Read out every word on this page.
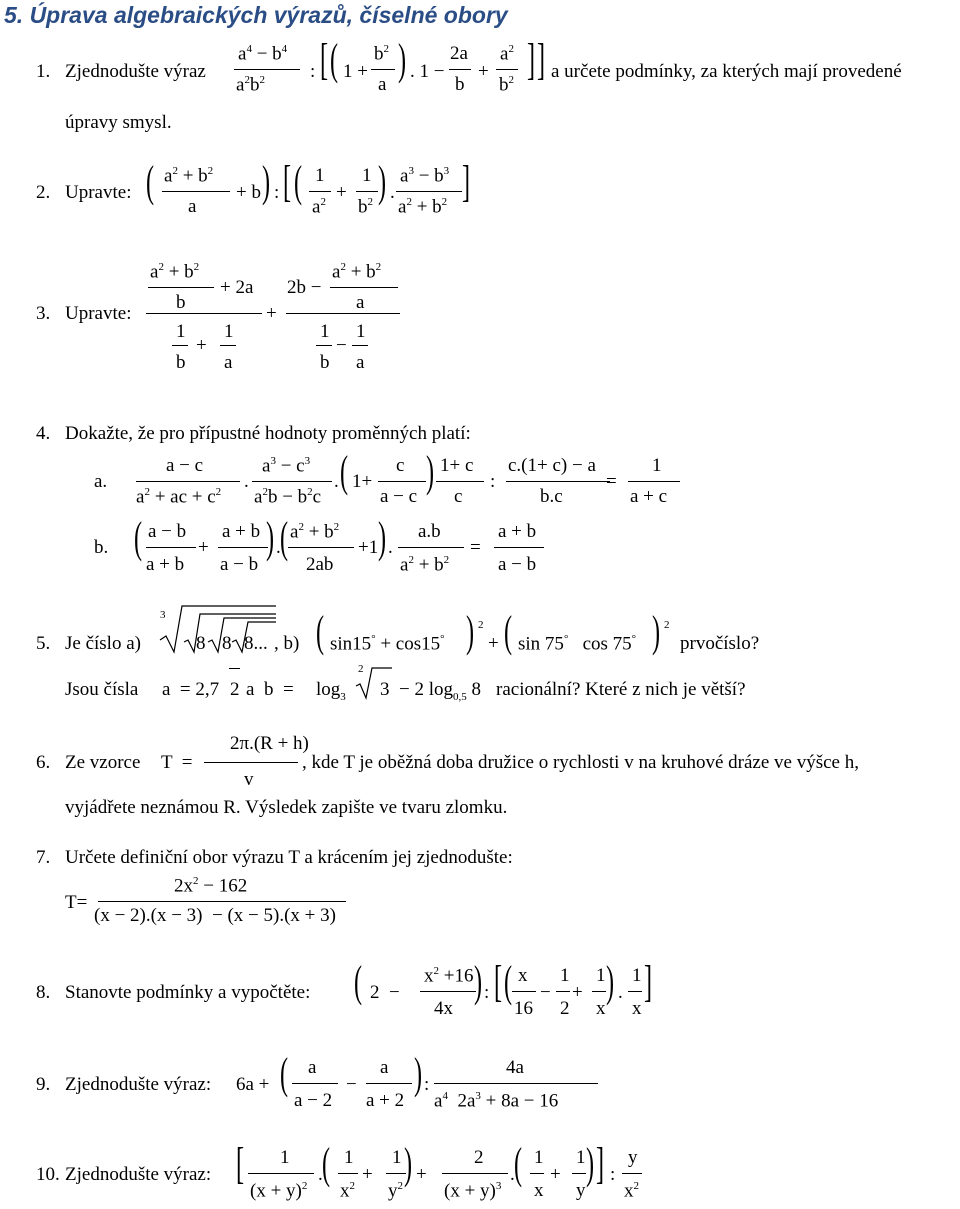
5. Úprava algebraických výrazů, číselné obory
1. Zjednodušte výraz
$a^4 - b^4$
$a^2b^2$ : [ ( 1 +
$b^2$
a
) . 1 −
2a
b
+
$a^2$
$b^2$ ] ] a určete podmínky, za kterých mají provedené
úpravy smysl.
2. Upravte: ( $a^2 + b^2$
a
+ b ) : [ ( 1
$a^2$ +
1
$b^2$ ) .
$a^3 - b^3$
$a^2 + b^2$ ]
3. Upravte:
$a^2 + b^2$
b
+ 2a
1
b
+
1
a
+
2b −
$a^2 + b^2$
a
1
b
−
1
a
4. Dokažte, že pro přípustné hodnoty proměnných platí:
a.
a − c
$a^2$ + ac + $c^2$ .
$a^3 - c^3$
$a^2b - b^2c$
. ( 1+
c
a − c
) 1+ c
c
:
c.(1+ c) − a
b.c
=
1
a + c
b. ( a − b
a + b
+
a + b
a − b
) . ( $a^2 + b^2$
2ab
+1 ) .
a.b
$a^2 + b^2$
=
a + b
a − b
5. Je číslo a)
3
8 8 8... , b) ( sin15° + cos15° ) 2
+ ( sin 75°   cos 75° ) 2
prvočíslo?
Jsou čísla a  = 2,7 2 a $b = \log_3$
2
3  − 2 $\log_{0,5} 8$ racionální? Které z nich je větší?
6. Ze vzorce T  =
2π.(R + h)
v
, kde T je oběžná doba družice o rychlosti v na kruhové dráze ve výšce h,
vyjádřete neznámou R. Výsledek zapište ve tvaru zlomku.
7. Určete definiční obor výrazu T a krácením jej zjednodušte:
T=
$2x^2 - 162$
(x − 2).(x − 3)  − (x − 5).(x + 3)
8. Stanovte podmínky a vypočtěte: ( 2  −
$x^2 +16$
4x
) : [ ( x
16
−
1
2
+
1
x
) .
1
x
]
9. Zjednodušte výraz: 6a + ( a
a − 2
−
a
a + 2
) :
4a
$a^4$  $2a^3 + 8a - 16$
10. Zjednodušte výraz: [ 1
$(x + y)^2$
. ( 1
$x^2$
+
1
$y^2$ ) +
2
$(x + y)^3$
. ( 1
x
+
1
y
) ] :
y
$x^2$
